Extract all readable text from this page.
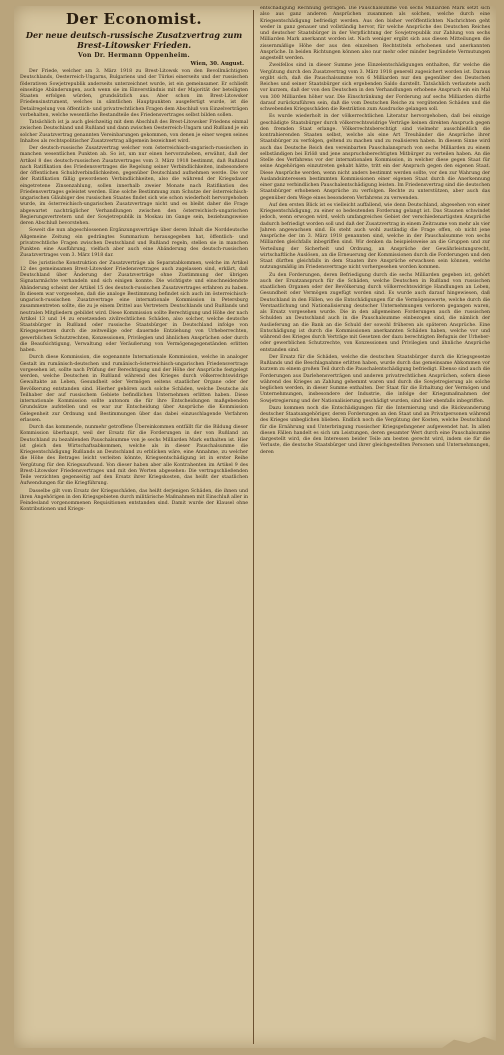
Der Economist.
Der neue deutsch-russische Zusatzvertrag zum Brest-Litowsker Frieden.
Von Dr. Hermann Oppenheim.
Wien, 30. August.

Der Friede, welcher am 3. März 1918 zu Brest-Litowsk von den Bevollmächtigten Deutschlands, Oesterreich-Ungarns, Bulgariens und der Türkei einerseits und der russischen föderativen Sowjetrepublik anderseits unterzeichnet wurde, ist ein gemeinsamer. Er schließt einseitige Abänderungen, auch wenn sie im Einverständnis mit der Majorität der beteiligten Staaten erfolgen würden, grundsätzlich aus. Aber schon im Brest-Litowsker Friedensinstrument, welches in sämtlichen Hauptpunkten ausgefertigt wurde, ist die Detailregelung von öffentlich- und privatrechtlichen Fragen dem Abschluß von Einzelverträgen vorbehalten, welche wesentliche Bestandteile des Friedensvertrages selbst bilden sollen.

Tatsächlich ist ja auch gleichzeitig mit dem Abschluß des Brest-Litowsker Friedens einmal zwischen Deutschland und Rußland und dann zwischen Oesterreich-Ungarn und Rußland je ein solcher Zusatzvertrag genannten Vereinbarungen gekommen, von denen je einer wegen seines Inhaltes als rechtspolitischer Zusatzvertrag allgemein bezeichnet wird.

Der deutsch-russische Zusatzvertrag welcher vom österreichisch-ungarisch-russischen in manchen wesentlichen Punkten ab. So ist, um nur einen hervorzuheben, erwähnt, daß der Artikel 8 des deutsch-russischen Zusatzvertrages vom 3. März 1918 bestimmt, daß Rußland nach Ratifikation des Friedensvertrages die Regelung seiner Verbindlichkeiten, insbesondere der öffentlichen Schuldverbindlichkeiten, gegenüber Deutschland aufnehmen werde. Die vor der Ratifikation fällig gewordenen Verbindlichkeiten, also die während der Kriegsdauer eingetretene Zinsenzahlung, sollen innerhalb zweier Monate nach Ratifikation des Friedensvertrages geleistet werden. Eine solche Bestimmung zum Schutze der österreichisch-ungarischen Gläubiger des russischen Staates findet sich wie schon wiederholt hervorgehoben wurde, im österreichisch-ungarischen Zusatzvertrage nicht und es bleibt daher die Frage abgewartet nachträglicher Verhandlungen zwischen den österreichisch-ungarischen Regierungsvertretern und der Sowjetrepublik in Moskau im Gange sein, beziehungsweise deren Abschluß bevorstehen.

Soweit die nun abgeschlossenen Ergänzungsverträge über deren Inhalt die Norddeutsche Allgemeine Zeitung ein gedrängtes Summarium herausgegeben hat, öffentlich- und privatrechtliche Fragen zwischen Deutschland und Rußland regeln, stellen sie in manchen Punkten eine Ausführung, vielfach aber auch eine Abänderung des deutsch-russischen Zusatzvertrages vom 3. März 1918 dar.

Die juristische Konstruktion der Zusatzverträge als Separatabkommen, welche im Artikel 12 des gemeinsamen Brest-Litowsker Friedensvertrages auch zugelassen sind, erklärt, daß Deutschland über Änderung der Zusatzverträge ohne Zustimmung der übrigen Signatarmächte verhandeln und sich einigen konnte. Die wichtigste und einschneidendste Abänderung scheint der Artikel 15 des deutsch-russischen Zusatzvertrages erfahren zu haben. In diesem war vorgesehen, daß die analoge Bestimmung befindet sich auch im österreichisch-ungarisch-russischen Zusatzvertrage eine internationale Kommission in Petersburg zusammentreten sollte, die zu je einem Drittel aus Vertretern Deutschlands und Rußlands und neutralen Mitgliedern gebildet wird. Diese Kommission sollte Berechtigung und Höhe der nach Artikel 13 und 14 zu ersetzenden zivilrechtlichen Schäden, also solcher, welche deutsche Staatsbürger in Rußland oder russische Staatsbürger in Deutschland infolge von Kriegsgesetzen durch die zeitweilige oder dauernde Entziehung von Urheberrechten, gewerblichen Schutzrechten, Konzessionen, Privilegien und ähnlichen Ansprüchen oder durch die Beaufsichtigung, Verwaltung oder Veräußerung von Vermögensgegenständen erlitten haben.

Durch diese Kommission, die sogenannte Internationale Kommission, welche in analoger Gestalt im rumänisch-deutschen und rumänisch-österreichisch-ungarischen Friedensvertrage vorgesehen ist, sollte nach Prüfung der Berechtigung und der Höhe der Ansprüche festgelegt werden, welche Deutschen in Rußland während des Krieges durch völkerrechtswidrige Gewaltakte an Leben, Gesundheit oder Vermögen seitens staatlicher Organe oder der Bevölkerung entstanden sind. Hierher gehören auch solche Schäden, welche Deutsche als Teilhaber der auf russischem Gebiete befindlichen Unternehmen erlitten haben. Diese internationale Kommission sollte autonom die für ihre Entscheidungen maßgebenden Grundsätze aufstellen und es war zur Entscheidung über Ansprüche die Kommission Gelegenheit zur Ordnung und Bestimmungen über das dabei einzuschlagende Verfahren erlassen.

Durch das kommende, nunmehr getroffene Übereinkommen entfällt für die Bildung dieser Kommission überhaupt, weil der Ersatz für die Forderungen in der von Rußland an Deutschland zu bezahlenden Pauschalsumme von je sechs Milliarden Mark enthalten ist. Hier ist gleich den Wirtschaftsabkommen, welche als in dieser Pauschalsumme die Kriegsentschädigung Rußlands an Deutschland zu erblicken wäre, eine Annahme, zu welcher die Höhe des Betrages leicht verleiten könnte, Kriegsentschädigung ist in erster Reihe Vergütung für den Kriegsaufwand. Von dieser haben aber alle Kontrahenten im Artikel 9 des Brest-Litowsker Friedensvertrages und mit den Worten abgesehen: Die vertragschließenden Teile verzichten gegenseitig auf den Ersatz ihrer Kriegskosten, das heißt der staatlichen Aufwendungen für die Kriegführung.

Dasselbe gilt vom Ersatz der Kriegsschäden, das heißt derjenigen Schäden, die ihnen und ihren Angehörigen in den Kriegsgebieten durch militärische Maßnahmen mit Einschluß aller in Feindesland vorgenommenen Requisitionen entstanden sind. Damit wurde der Klausel ohne Kontributionen und Kriegs-

entschädigung Rechnung getragen. Die Pauschalsumme von sechs Milliarden Mark setzt sich also aus ganz anderen Ansprüchen zusammen als solchen, welche durch eine Kriegsentschädigung befriedigt werden. Aus den bisher veröffentlichten Nachrichten geht weder in ganz genauer und vollständig hervor, für welche Ansprüche des Deutschen Reiches und deutscher Staatsbürger in der Verpflichtung der Sowjetrepublik zur Zahlung von sechs Milliarden Mark anerkannt worden ist. Nach weniger ergibt sich aus diesen Mitteilungen die zissernmäßige Höhe der aus den einzelnen Rechtstiteln erhobenen und anerkannten Ansprüche. In beiden Richtungen können also nur mehr oder minder begründete Vermutungen angestellt werden.

Zweifellos sind in dieser Summe jene Einzelentschädigungen enthalten, für welche die Vergütung durch den Zusatzvertrag vom 3. März 1918 generell zugesichert worden ist. Daraus ergibt sich, daß die Pauschalsumme von 6 Milliarden nur den gegenüber des Deutschen Reiches und seiner Staatsbürger sich ergebenden Saldo darstellt. Tatsächlich verlautete auch vor kurzem, daß der von den Deutschen in den Verhandlungen erhobene Anspruch ein ein Mal von 300 Milliarden höher war. Die Einschränkung der Forderung auf sechs Milliarden dürfte darauf zurückzuführen sein, daß die vom Deutschen Reiche zu vergütenden Schäden und die schwebenden Kriegsschäden die Restriktion zum Ausdrucke gelangen soll.

Es wurde wiederholt in der völkerrechtlichen Literatur hervorgehoben, daß bei einzige geschädigte Staatsbürger durch völkerrechtswidrige Verträge keinen direkten Anspruch gegen den fremden Staat erlange. Völkerrechtsberechtigt sind vielmehr ausschließlich die kontrahierenden Staaten selbst, welche als eine Art Treuhänder die Ansprüche ihrer Staatsbürger zu verfolgen, geltend zu machen und zu realisieren haben. In diesem Sinne wird auch das Deutsche Reich den vereinbarten Pauschalanspruch von sechs Milliarden zu einem selbständigen bei Erlöß und jene anspruchsberechtigten Mitbürger zu verteilen haben. An die Stelle des Verfahrens vor der internationalen Kommission, in welcher diese gegen Staat für seine Angehörigen einzutreten gehabt hätte, tritt ein der Anspruch gegen den eigenen Staat. Diese Ansprüche werden, wenn nicht anders bestimmt werden sollte, vor den zur Wahrung der Auslandsinteressen bestimmten Kommissionen einer eigenen Staat durch die Anerkennung einer ganz verbindlichen Pauschalentschädigung leisten. Im Friedensvertrag sind die deutschen Staatsbürger erhobenen Ansprüche zu verfolgen. Rechte zu unterstützen, aber auch das gegenüber dem Wege eines besonderen Verfahrens zu verwenden.

Auf den ersten Blick ist es vielleicht auffallend, wie denn Deutschland, abgesehen von einer Kriegsentschädigung, zu einer so bedeutenden Forderung gelangt ist. Das Staunen schwindet jedoch, wenn erwogen wird, welch umfangreiches Gebiet der verschiedenartigsten Ansprüche dadurch befriedigt worden soll und daß der Zusatzvertrag in einem Zeitraume von mehr als vier Jahren angewachsen sind. Es steht auch wohl zuständig die Frage offen, ob nicht jene Ansprüche der im 3. März 1918 genannten sind, welche in der Pauschalsumme von sechs Milliarden gleichfalls inbegriffen sind. Wir denken da beispielsweise an die Gruppen und zur Verteilung der Sicherheit und Ordnung, an Ansprüche der Gewährleistungsrecht, wirtschaftliche Auslösen, an die Erneuerung der Kommissionen durch die Forderungen und den Staat dürften gleichfalls in dem Staaten ihre Ansprüche erwachsen sein können, welche nutzungsmäßig im Friedensvertrage nicht vorhergesehen worden kommen.

Zu den Forderungen, deren Befriedigung durch die sechs Milliarden gegeben ist, gehört auch der Ersatzanspruch für die Schäden, welche Deutschen in Rußland von russischen staatlichen Organen oder der Bevölkerung durch völkerrechtswidrige Handlungen an Leben, Gesundheit oder Vermögen zugefügt worden sind. Es wurde auch darauf hingewiesen, daß Deutschland in den Fällen, wo die Entschädigungen für die Vermögenswerte, welche durch die Verstaatlichung und Nationalisierung deutscher Unternehmungen verloren gegangen waren, als Ersatz vorgesehen wurde. Die in den allgemeinen Forderungen auch die russischen Schulden an Deutschland auch in die Pauschalsumme einbezogen sind, die nämlich der Auslieferung an die Bank an die Schuld der sowohl früheren als späteren Ansprüche. Eine Entschädigung ist durch die Kommissionen anerkannten Schäden haben, welche vor und während des Krieges durch Verträge mit Gesetzen der dazu berechtigten Befugnis der Urheber- oder gewerblichen Schutzrechte, von Konzessionen und Privilegien und ähnliche Ansprüche entstanden sind.

Der Ersatz für die Schäden, welche die deutschen Staatsbürger durch die Kriegsgesetze Rußlands und die Beschlagnahme erlitten haben, wurde durch das gemeinsame Abkommen vor kurzem zu einem großen Teil durch die Pauschalentschädigung befriedigt. Ebenso sind auch die Forderungen aus Darlehensverträgen und anderen privatrechtlichen Ansprüchen, sofern diese während des Krieges an Zahlung gehemmt waren und durch die Sowjetregierung als solche beglichen werden, in dieser Summe enthalten. Der Staat für die Erhaltung der Vermögen und Unternehmungen, insbesondere der Industrie, die infolge der Kriegsmaßnahmen der Sowjetregierung und der Nationalisierung geschädigt wurden, sind hier ebenfalls inbegriffen.

Dazu kommen noch die Entschädigungen für die Internierung und die Rückwanderung deutscher Staatsangehöriger, deren Forderungen an den Staat und an Privatpersonen während des Krieges unbeglichen blieben. Endlich noch die Vergütung der Kosten, welche Deutschland für die Ernährung und Unterbringung russischer Kriegsgefangener aufgewendet hat. In allen diesen Fällen handelt es sich um Leistungen, deren gesamter Wert durch eine Pauschalsumme dargestellt wird, die den Interessen beider Teile am besten gerecht wird, indem sie für die Verluste, die deutsche Staatsbürger und ihrer gleichgestellten Personen und Unternehmungen, deren
